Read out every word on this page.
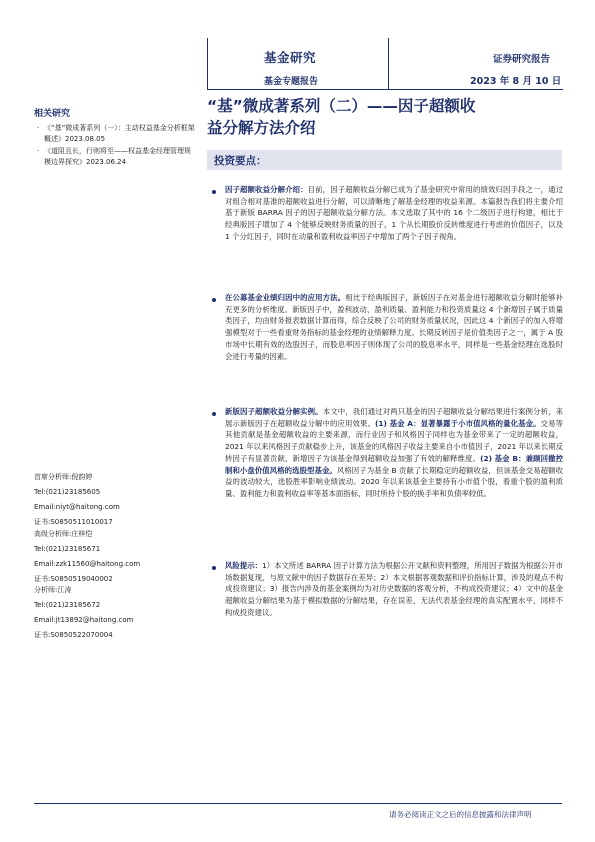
基金研究
基金专题报告
证券研究报告
2023 年 8 月 10 日
“基”微成著系列（二）——因子超额收
益分解方法介绍
投资要点：
相关研究
· 《“基”微成著系列（一）：主动权益基金分析框架概述》2023.08.05
· 《道阻且长，行则将至——权益基金经理管理规模边界探究》2023.06.24
首席分析师:倪韵婷
Tel:(021)23185605
Email:niyt@haitong.com
证书:S0850511010017
高级分析师:庄梓恺
Tel:(021)23185671
Email:zzk11560@haitong.com
证书:S0850519040002
分析师:江涛
Tel:(021)23185672
Email:jt13892@haitong.com
证书:S0850522070004
因子超额收益分解介绍：目前，因子超额收益分解已成为了基金研究中常用的绩效归因手段之一，通过对组合相对基准的超额收益进行分解，可以清晰地了解基金经理的收益来源。本篇报告我们将主要介绍基于新版 BARRA 因子的因子超额收益分解方法。本文选取了其中的 16 个二级因子进行构建，相比于经典版因子增加了 4 个能够反映财务质量的因子，1 个从长期股价反转维度进行考虑的价值因子，以及 1 个分红因子，同时在动量和盈利收益率因子中增加了两个子因子视角。
在公募基金业绩归因中的应用方法。相比于经典版因子，新版因子在对基金进行超额收益分解时能够补充更多的分析维度。新版因子中，盈利波动、盈利质量、盈利能力和投资质量这 4 个新增因子属于质量类因子，均由财务报表数据计算而得，综合反映了公司的财务质量状况，因此这 4 个新因子的加入将增强模型对于一些看重财务指标的基金经理的业绩解释力度。长期反转因子是价值类因子之一，属于 A 股市场中长期有效的选股因子，而股息率因子则体现了公司的股息率水平，同样是一些基金经理在选股时会进行考量的因素。
新版因子超额收益分解实例。本文中，我们通过对两只基金的因子超额收益分解结果进行案例分析，来展示新版因子在超额收益分解中的应用效果。(1) 基金 A：显著暴露于小市值风格的量化基金。交易等其他贡献是基金超额收益的主要来源，而行业因子和风格因子同样也为基金带来了一定的超额收益，2021 年以来风格因子贡献稳步上升，该基金的风格因子收益主要来自小市值因子，2021 年以来长期反转因子有显著贡献，新增因子为该基金得到超额收益加强了有效的解释维度。(2) 基金 B：兼顾回撤控制和小盘价值风格的选股型基金。风格因子为基金 B 贡献了长期稳定的超额收益，但该基金交易超额收益的波动较大，选股胜率影响业绩波动。2020 年以来该基金主要持有小市值个股，看重个股的盈利质量、盈利能力和盈利收益率等基本面指标，同时所持个股的换手率和负债率较低。
风险提示：1）本文所述 BARRA 因子计算方法为根据公开文献和资料整理，所用因子数据为根据公开市场数据复现，与原文献中的因子数据存在差异；2）本文根据客观数据和评价指标计算，涉及的观点不构成投资建议；3）报告内涉及的基金案例均为对历史数据的客观分析，不构成投资建议；4）文中的基金超额收益分解结果为基于模拟数据的分解结果，存在误差，无法代表基金经理的真实配置水平，同样不构成投资建议。
请务必阅读正文之后的信息披露和法律声明
